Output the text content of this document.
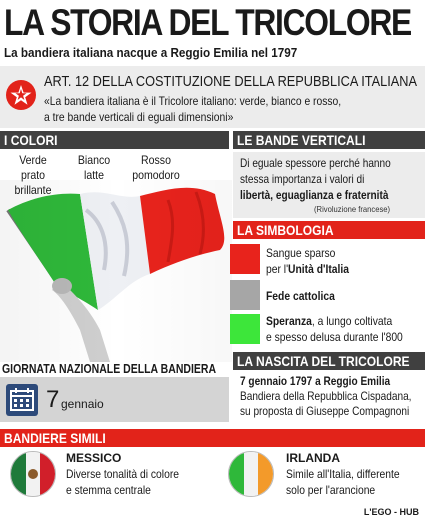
LA STORIA DEL TRICOLORE
La bandiera italiana nacque a Reggio Emilia nel 1797
ART. 12 DELLA COSTITUZIONE DELLA REPUBBLICA ITALIANA
«La bandiera italiana è il Tricolore italiano: verde, bianco e rosso,
a tre bande verticali di eguali dimensioni»
I COLORI
Verde prato
brillante
Bianco
latte
Rosso
pomodoro
LE BANDE VERTICALI
Di eguale spessore perché hanno
stessa importanza i valori di
libertà, eguaglianza e fraternità
(Rivoluzione francese)
LA SIMBOLOGIA
Sangue sparso
per l'Unità d'Italia
Fede cattolica
Speranza, a lungo coltivata
e spesso delusa durante l'800
LA NASCITA DEL TRICOLORE
7 gennaio 1797 a Reggio Emilia
Bandiera della Repubblica Cispadana,
su proposta di Giuseppe Compagnoni
GIORNATA NAZIONALE DELLA BANDIERA
7 gennaio
BANDIERE SIMILI
MESSICO
Diverse tonalità di colore
e stemma centrale
IRLANDA
Simile all'Italia, differente
solo per l'arancione
L'EGO - HUB
